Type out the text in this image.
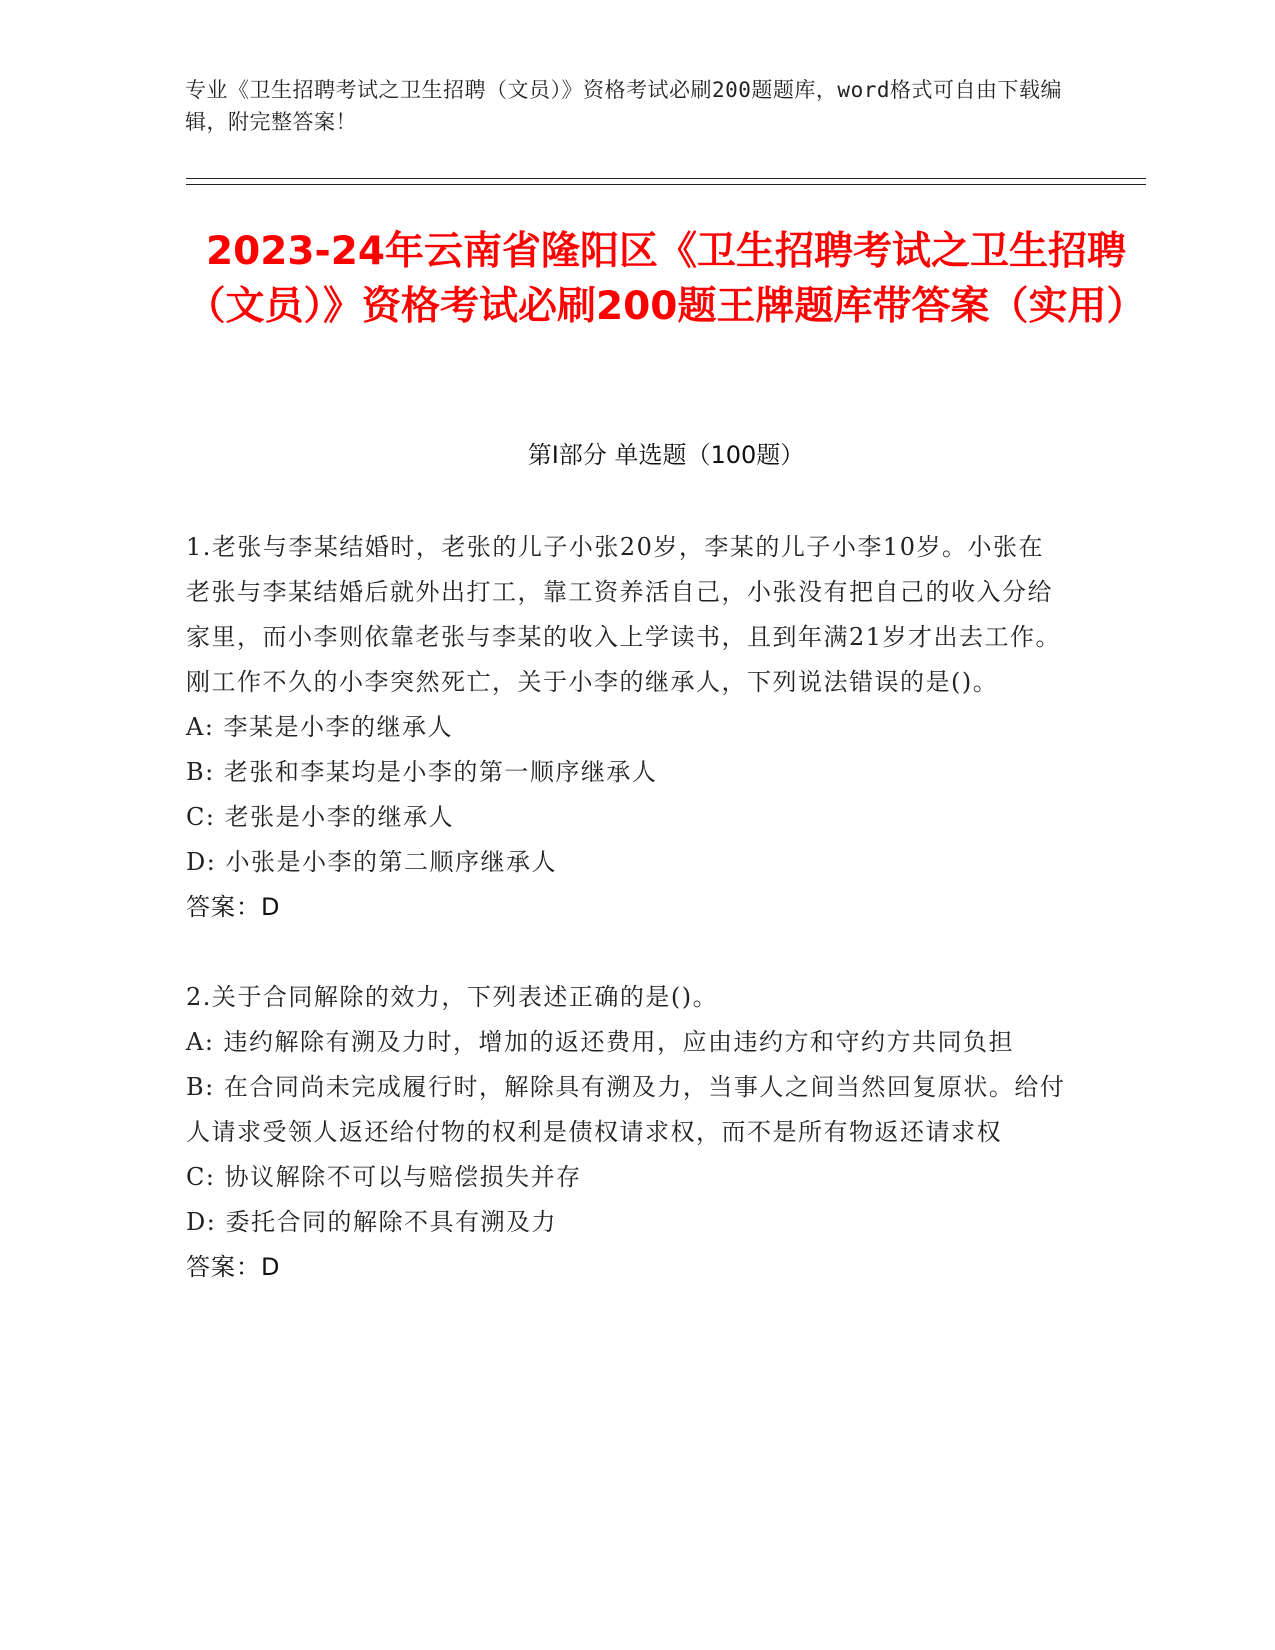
专业《卫生招聘考试之卫生招聘（文员）》资格考试必刷200题题库，word格式可自由下载编辑，附完整答案！
2023-24年云南省隆阳区《卫生招聘考试之卫生招聘（文员）》资格考试必刷200题王牌题库带答案（实用）
第Ⅰ部分 单选题（100题）

1.老张与李某结婚时，老张的儿子小张20岁，李某的儿子小李10岁。小张在老张与李某结婚后就外出打工，靠工资养活自己，小张没有把自己的收入分给家里，而小李则依靠老张与李某的收入上学读书，且到年满21岁才出去工作。刚工作不久的小李突然死亡，关于小李的继承人，下列说法错误的是()。

A: 李某是小李的继承人

B: 老张和李某均是小李的第一顺序继承人

C: 老张是小李的继承人

D: 小张是小李的第二顺序继承人

答案：D

2.关于合同解除的效力，下列表述正确的是()。

A: 违约解除有溯及力时，增加的返还费用，应由违约方和守约方共同负担

B: 在合同尚未完成履行时，解除具有溯及力，当事人之间当然回复原状。给付人请求受领人返还给付物的权利是债权请求权，而不是所有物返还请求权

C: 协议解除不可以与赔偿损失并存

D: 委托合同的解除不具有溯及力

答案：D
